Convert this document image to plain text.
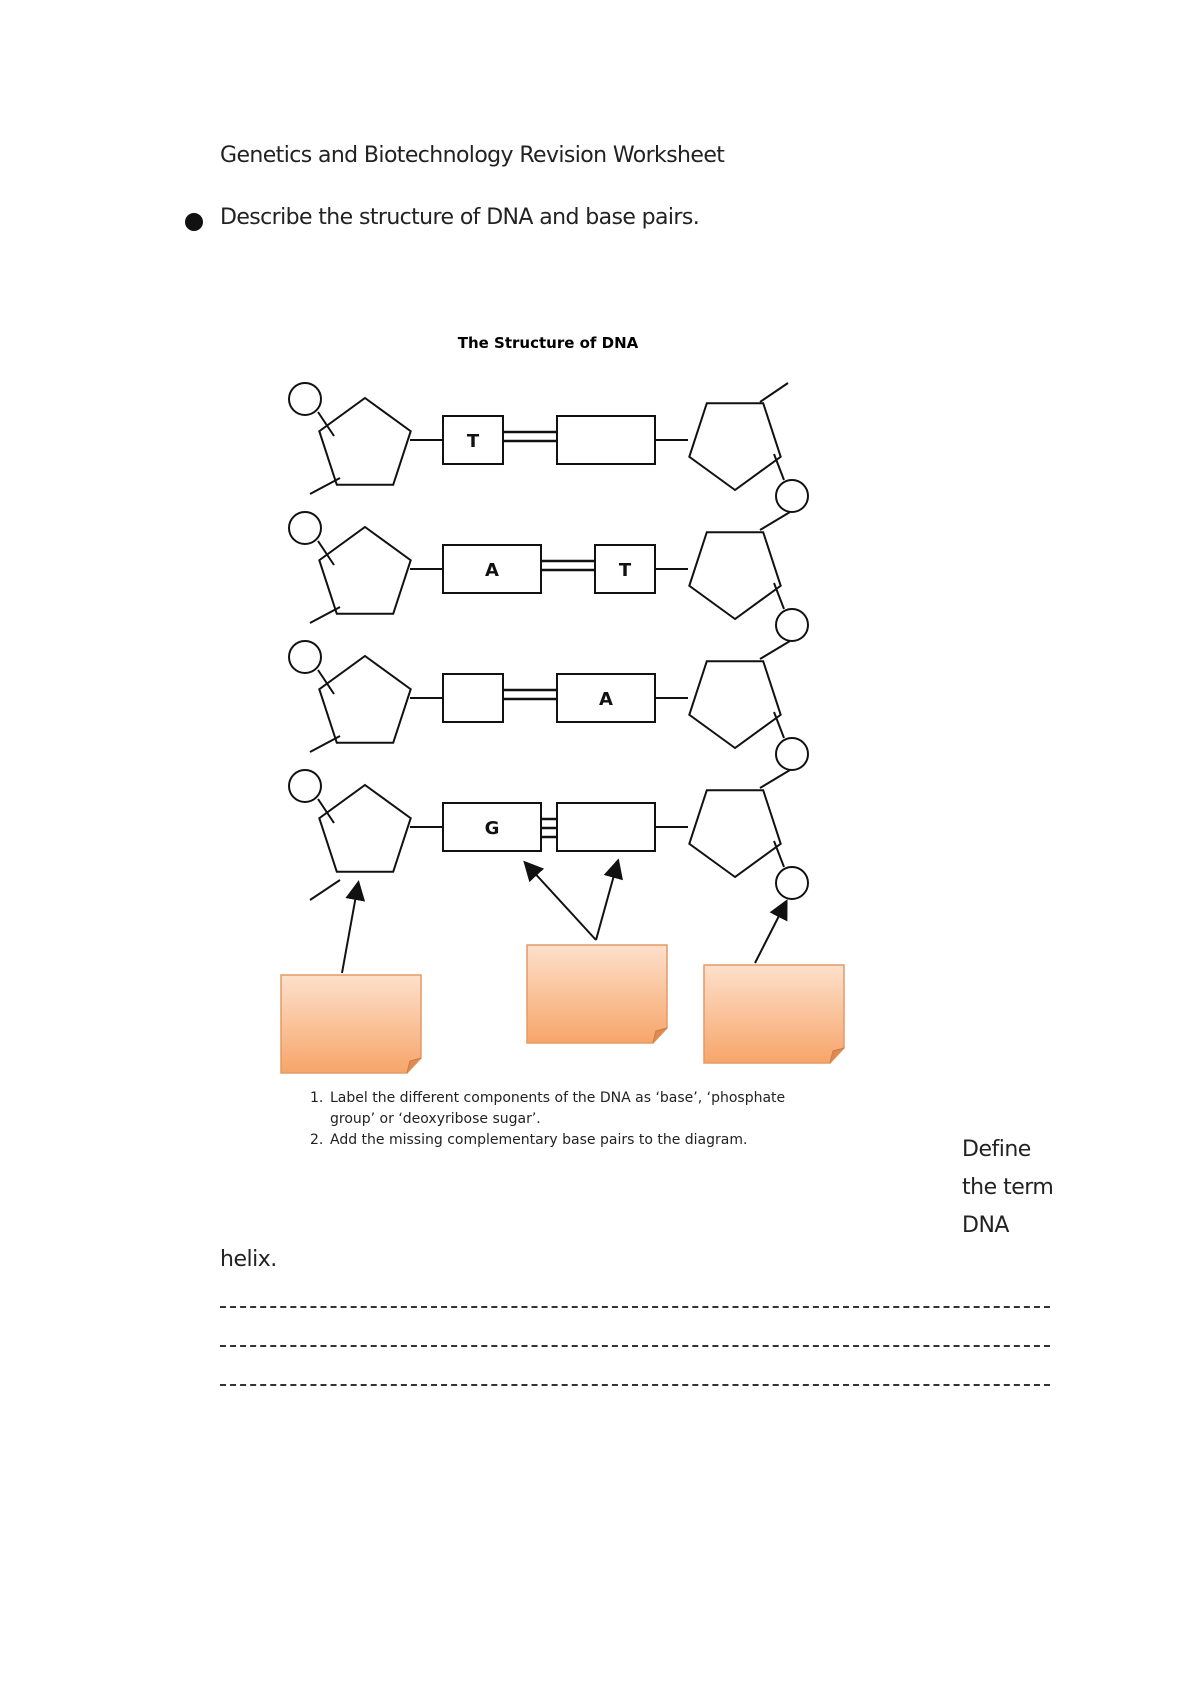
Genetics and Biotechnology Revision Worksheet
Describe the structure of DNA and base pairs.
The Structure of DNA
T
A	T
A
G
1. Label the different components of the DNA as ‘base’, ‘phosphate
group’ or ‘deoxyribose sugar’.
2. Add the missing complementary base pairs to the diagram.	Define
the term
DNA
helix.
